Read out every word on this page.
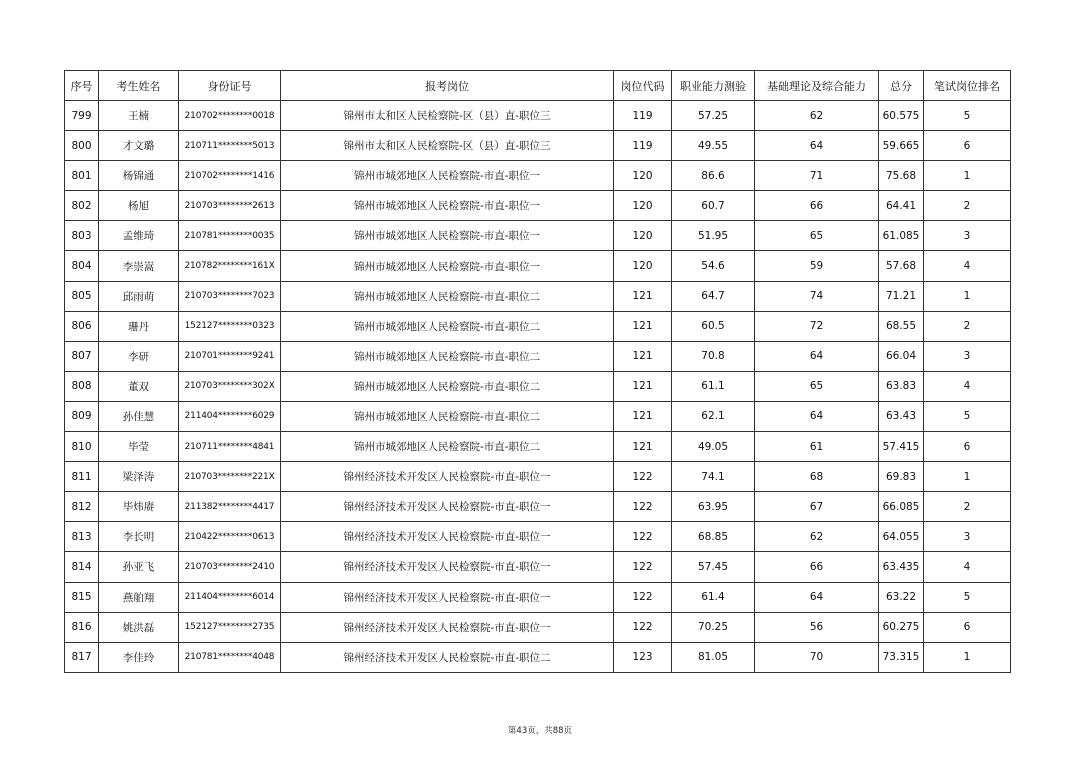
序号	考生姓名	身份证号	报考岗位	岗位代码	职业能力测验	基础理论及综合能力	总分	笔试岗位排名
799	王楠	210702********0018	锦州市太和区人民检察院-区（县）直-职位三	119	57.25	62	60.575	5
800	才文璐	210711********5013	锦州市太和区人民检察院-区（县）直-职位三	119	49.55	64	59.665	6
801	杨锦通	210702********1416	锦州市城郊地区人民检察院-市直-职位一	120	86.6	71	75.68	1
802	杨旭	210703********2613	锦州市城郊地区人民检察院-市直-职位一	120	60.7	66	64.41	2
803	孟维琦	210781********0035	锦州市城郊地区人民检察院-市直-职位一	120	51.95	65	61.085	3
804	李崇嵩	210782********161X	锦州市城郊地区人民检察院-市直-职位一	120	54.6	59	57.68	4
805	邱雨萌	210703********7023	锦州市城郊地区人民检察院-市直-职位二	121	64.7	74	71.21	1
806	珊丹	152127********0323	锦州市城郊地区人民检察院-市直-职位二	121	60.5	72	68.55	2
807	李研	210701********9241	锦州市城郊地区人民检察院-市直-职位二	121	70.8	64	66.04	3
808	董双	210703********302X	锦州市城郊地区人民检察院-市直-职位二	121	61.1	65	63.83	4
809	孙佳慧	211404********6029	锦州市城郊地区人民检察院-市直-职位二	121	62.1	64	63.43	5
810	毕莹	210711********4841	锦州市城郊地区人民检察院-市直-职位二	121	49.05	61	57.415	6
811	梁泽涛	210703********221X	锦州经济技术开发区人民检察院-市直-职位一	122	74.1	68	69.83	1
812	毕炜赓	211382********4417	锦州经济技术开发区人民检察院-市直-职位一	122	63.95	67	66.085	2
813	李长明	210422********0613	锦州经济技术开发区人民检察院-市直-职位一	122	68.85	62	64.055	3
814	孙亚飞	210703********2410	锦州经济技术开发区人民检察院-市直-职位一	122	57.45	66	63.435	4
815	燕舶翔	211404********6014	锦州经济技术开发区人民检察院-市直-职位一	122	61.4	64	63.22	5
816	姚洪磊	152127********2735	锦州经济技术开发区人民检察院-市直-职位一	122	70.25	56	60.275	6
817	李佳玲	210781********4048	锦州经济技术开发区人民检察院-市直-职位二	123	81.05	70	73.315	1
第43页，共88页
